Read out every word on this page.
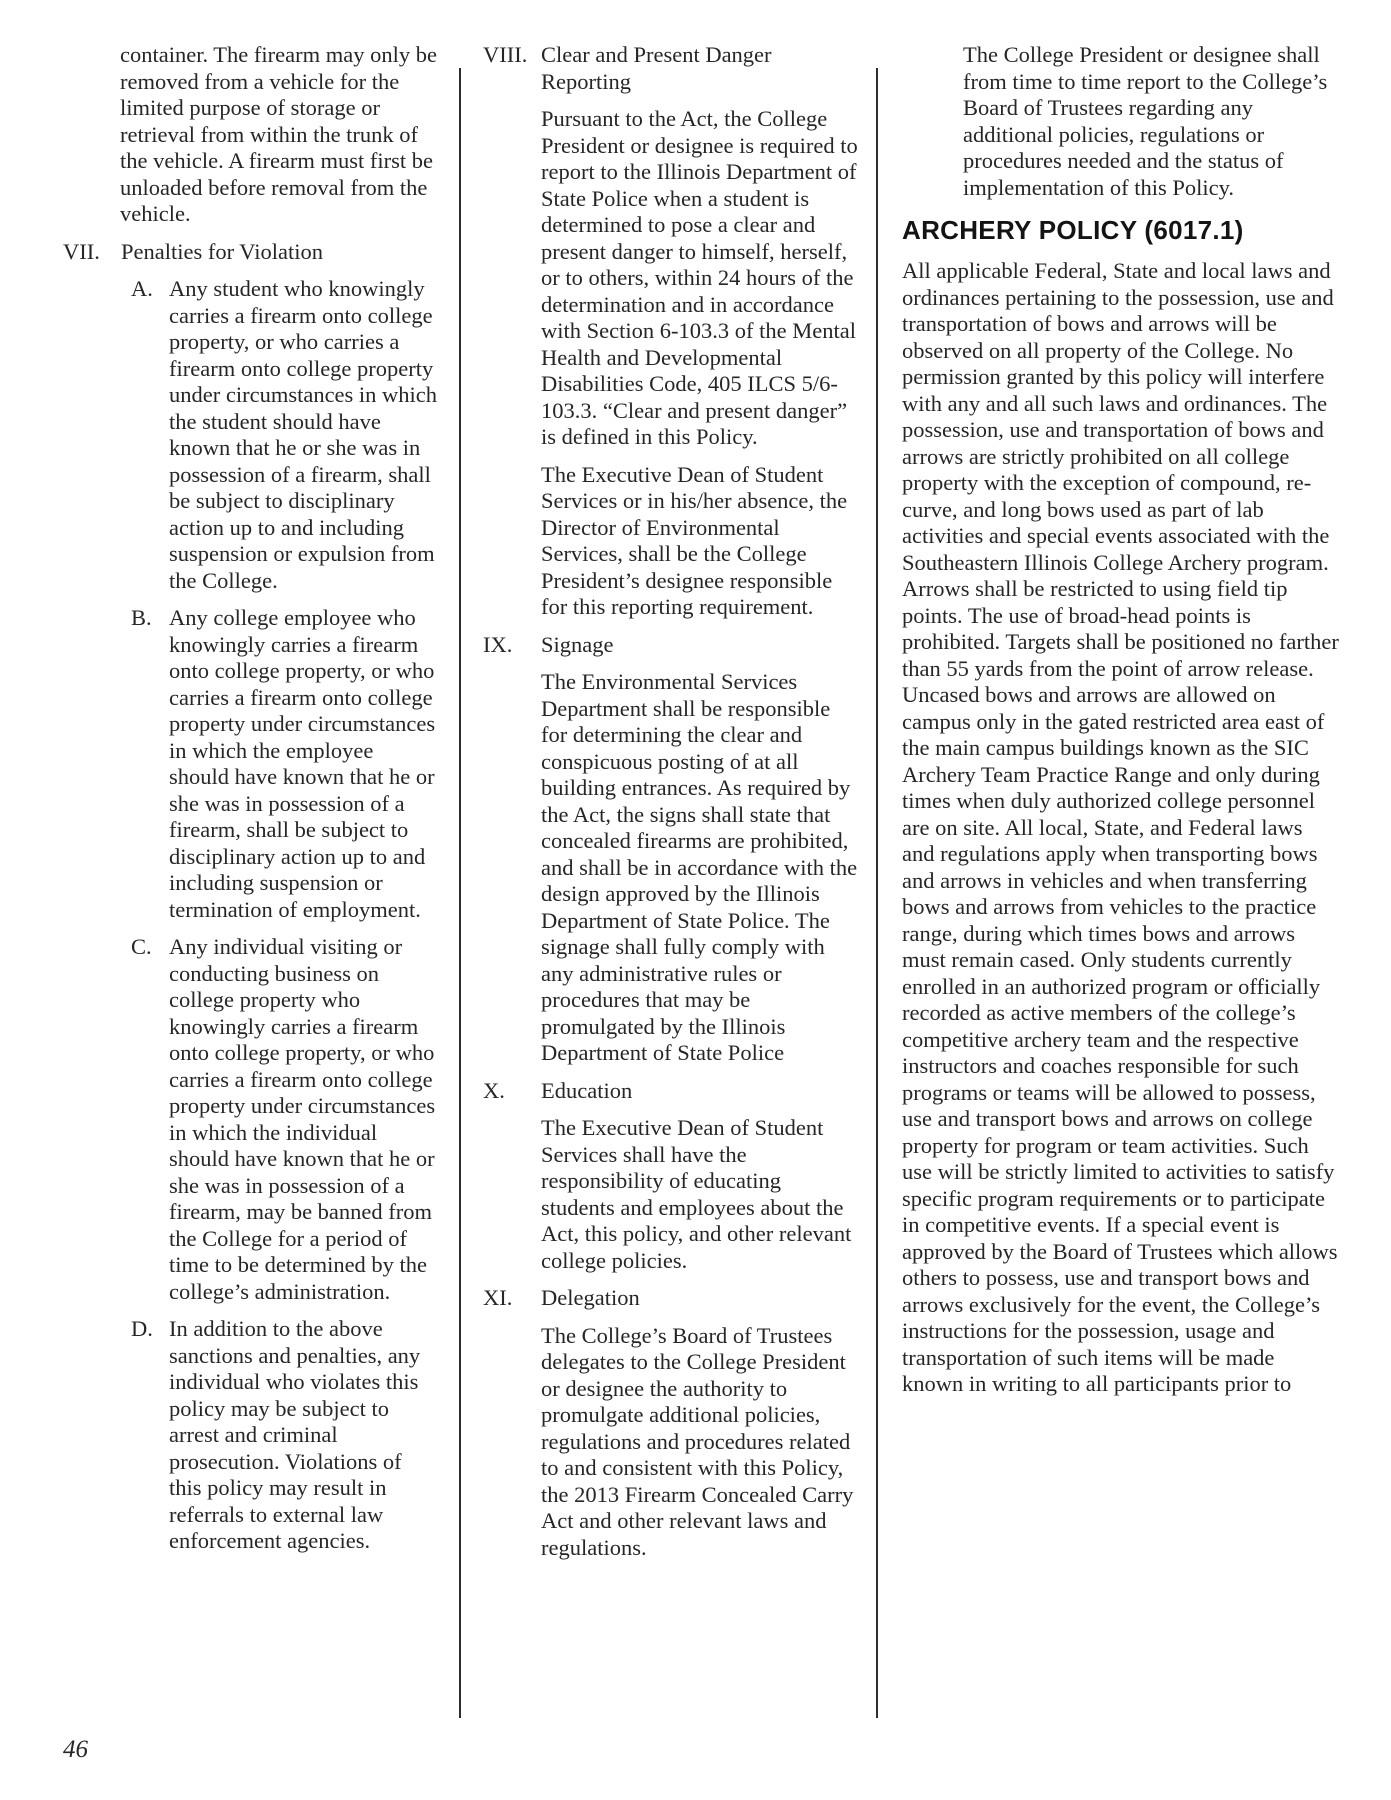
container. The firearm may only be removed from a vehicle for the limited purpose of storage or retrieval from within the trunk of the vehicle. A firearm must first be unloaded before removal from the vehicle.

VII. Penalties for Violation

A. Any student who knowingly carries a firearm onto college property, or who carries a firearm onto college property under circumstances in which the student should have known that he or she was in possession of a firearm, shall be subject to disciplinary action up to and including suspension or expulsion from the College.

B. Any college employee who knowingly carries a firearm onto college property, or who carries a firearm onto college property under circumstances in which the employee should have known that he or she was in possession of a firearm, shall be subject to disciplinary action up to and including suspension or termination of employment.

C. Any individual visiting or conducting business on college property who knowingly carries a firearm onto college property, or who carries a firearm onto college property under circumstances in which the individual should have known that he or she was in possession of a firearm, may be banned from the College for a period of time to be determined by the college’s administration.

D. In addition to the above sanctions and penalties, any individual who violates this policy may be subject to arrest and criminal prosecution. Violations of this policy may result in referrals to external law enforcement agencies.

VIII. Clear and Present Danger Reporting

Pursuant to the Act, the College President or designee is required to report to the Illinois Department of State Police when a student is determined to pose a clear and present danger to himself, herself, or to others, within 24 hours of the determination and in accordance with Section 6-103.3 of the Mental Health and Developmental Disabilities Code, 405 ILCS 5/6-103.3. “Clear and present danger” is defined in this Policy.

The Executive Dean of Student Services or in his/her absence, the Director of Environmental Services, shall be the College President’s designee responsible for this reporting requirement.

IX.	Signage

The Environmental Services Department shall be responsible for determining the clear and conspicuous posting of at all building entrances. As required by the Act, the signs shall state that concealed firearms are prohibited, and shall be in accordance with the design approved by the Illinois Department of State Police. The signage shall fully comply with any administrative rules or procedures that may be promulgated by the Illinois Department of State Police

X.	Education

The Executive Dean of Student Services shall have the responsibility of educating students and employees about the Act, this policy, and other relevant college policies.

XI.	Delegation

The College’s Board of Trustees delegates to the College President or designee the authority to promulgate additional policies, regulations and procedures related to and consistent with this Policy, the 2013 Firearm Concealed Carry Act and other relevant laws and regulations.

The College President or designee shall from time to time report to the College’s Board of Trustees regarding any additional policies, regulations or procedures needed and the status of implementation of this Policy.

ARCHERY POLICY (6017.1)

All applicable Federal, State and local laws and ordinances pertaining to the possession, use and transportation of bows and arrows will be observed on all property of the College. No permission granted by this policy will interfere with any and all such laws and ordinances. The possession, use and transportation of bows and arrows are strictly prohibited on all college property with the exception of compound, re-curve, and long bows used as part of lab activities and special events associated with the Southeastern Illinois College Archery program. Arrows shall be restricted to using field tip points. The use of broad-head points is prohibited. Targets shall be positioned no farther than 55 yards from the point of arrow release. Uncased bows and arrows are allowed on campus only in the gated restricted area east of the main campus buildings known as the SIC Archery Team Practice Range and only during times when duly authorized college personnel are on site. All local, State, and Federal laws and regulations apply when transporting bows and arrows in vehicles and when transferring bows and arrows from vehicles to the practice range, during which times bows and arrows must remain cased. Only students currently enrolled in an authorized program or officially recorded as active members of the college’s competitive archery team and the respective instructors and coaches responsible for such programs or teams will be allowed to possess, use and transport bows and arrows on college property for program or team activities. Such use will be strictly limited to activities to satisfy specific program requirements or to participate in competitive events. If a special event is approved by the Board of Trustees which allows others to possess, use and transport bows and arrows exclusively for the event, the College’s instructions for the possession, usage and transportation of such items will be made known in writing to all participants prior to

46
